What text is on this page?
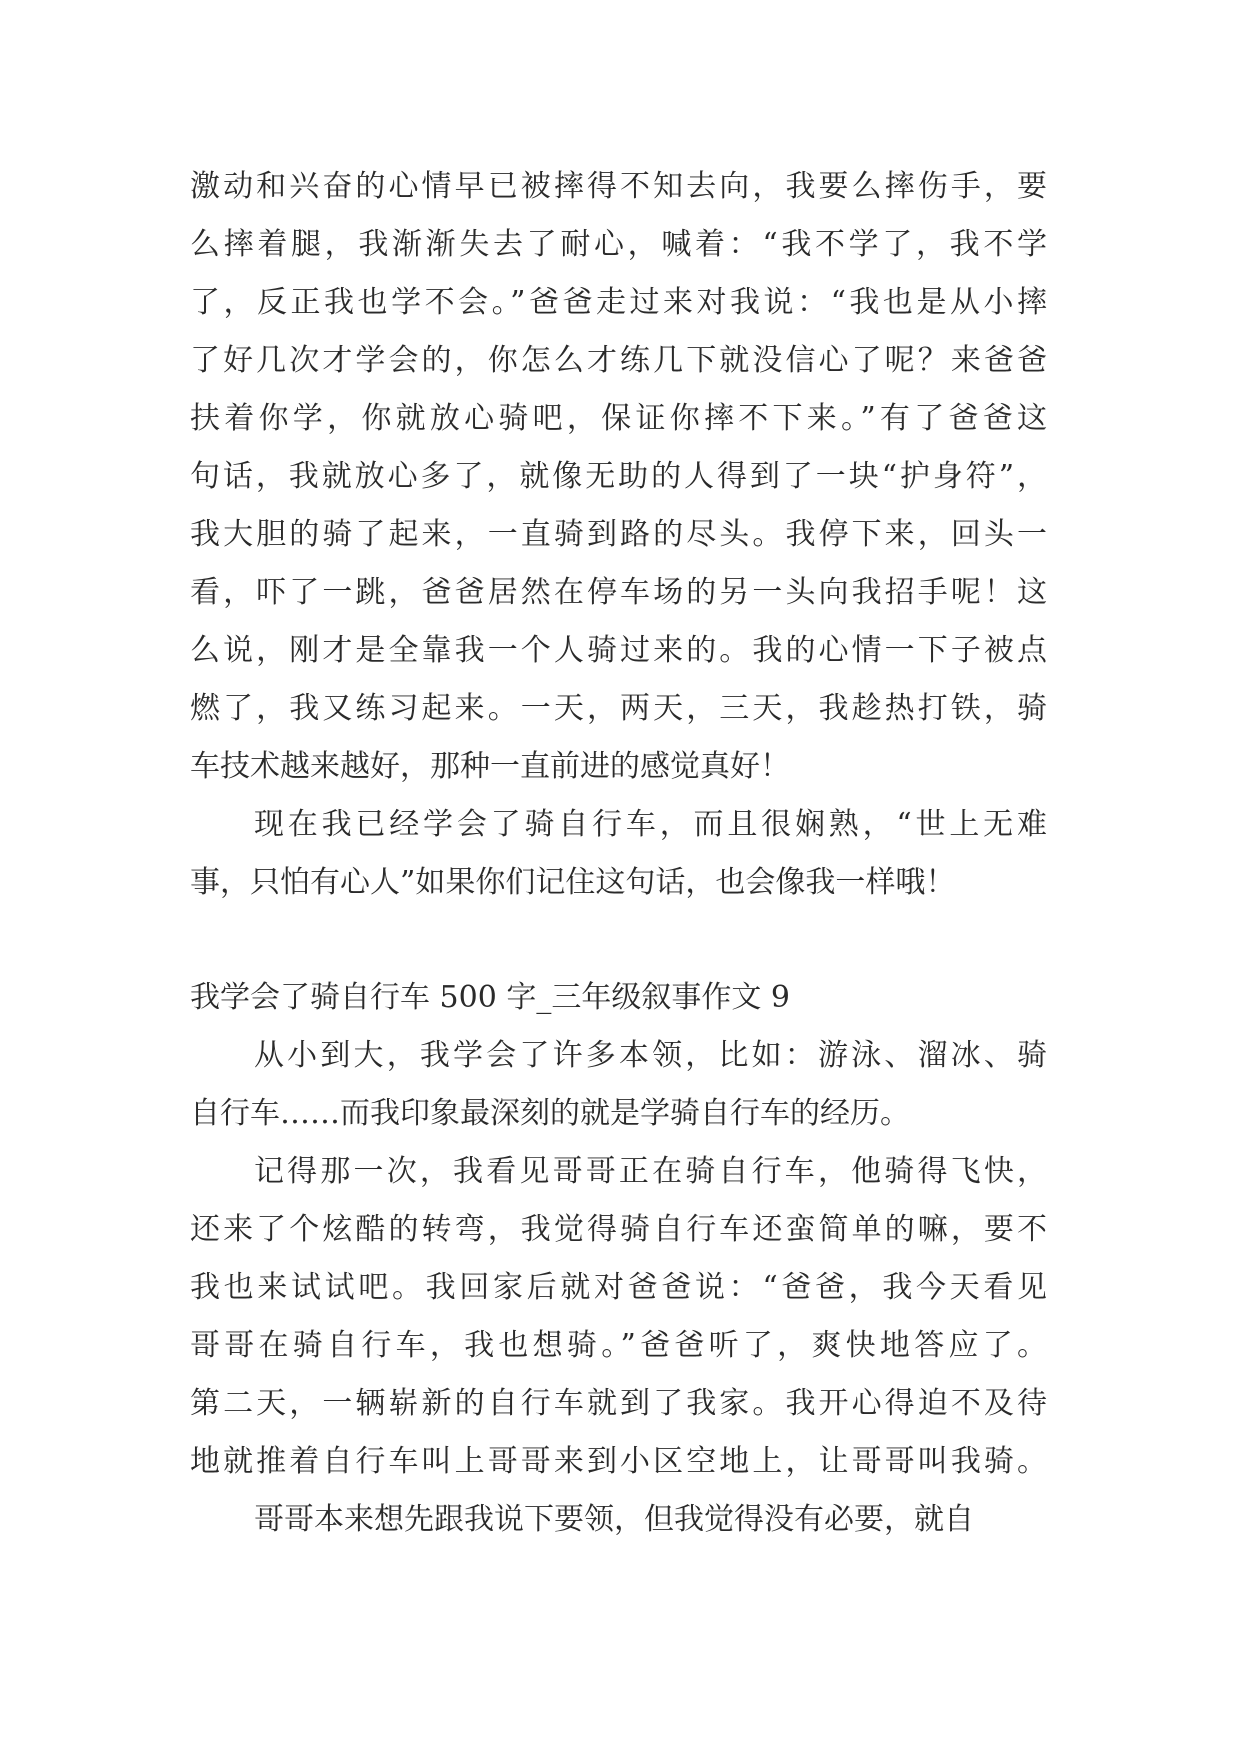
激动和兴奋的心情早已被摔得不知去向，我要么摔伤手，要
么摔着腿，我渐渐失去了耐心，喊着：“我不学了，我不学
了，反正我也学不会。”爸爸走过来对我说：“我也是从小摔
了好几次才学会的，你怎么才练几下就没信心了呢？来爸爸
扶着你学，你就放心骑吧，保证你摔不下来。”有了爸爸这
句话，我就放心多了，就像无助的人得到了一块“护身符”，
我大胆的骑了起来，一直骑到路的尽头。我停下来，回头一
看，吓了一跳，爸爸居然在停车场的另一头向我招手呢！这
么说，刚才是全靠我一个人骑过来的。我的心情一下子被点
燃了，我又练习起来。一天，两天，三天，我趁热打铁，骑
车技术越来越好，那种一直前进的感觉真好！
现在我已经学会了骑自行车，而且很娴熟，“世上无难
事，只怕有心人”如果你们记住这句话，也会像我一样哦！
我学会了骑自行车 500 字_三年级叙事作文 9
从小到大，我学会了许多本领，比如：游泳、溜冰、骑
自行车……而我印象最深刻的就是学骑自行车的经历。
记得那一次，我看见哥哥正在骑自行车，他骑得飞快，
还来了个炫酷的转弯，我觉得骑自行车还蛮简单的嘛，要不
我也来试试吧。我回家后就对爸爸说：“爸爸，我今天看见
哥哥在骑自行车，我也想骑。”爸爸听了，爽快地答应了。
第二天，一辆崭新的自行车就到了我家。我开心得迫不及待
地就推着自行车叫上哥哥来到小区空地上，让哥哥叫我骑。
哥哥本来想先跟我说下要领，但我觉得没有必要，就自
